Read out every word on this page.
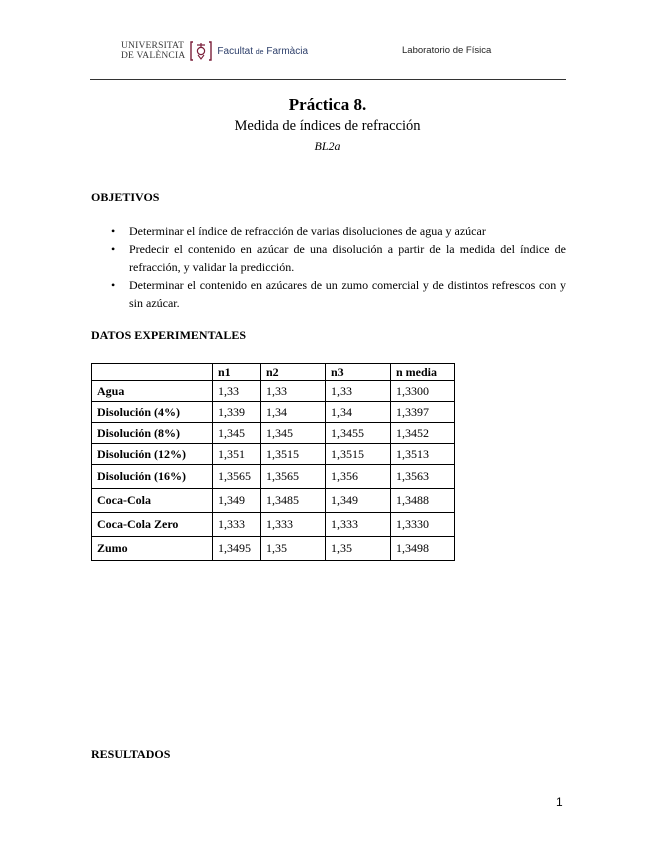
UNIVERSITAT
DE VALÈNCIA	Facultat de Farmàcia	Laboratorio de Física
Práctica 8.
Medida de índices de refracción
BL2a
OBJETIVOS
• Determinar el índice de refracción de varias disoluciones de agua y azúcar
• Predecir el contenido en azúcar de una disolución a partir de la medida del índice de refracción, y validar la predicción.
• Determinar el contenido en azúcares de un zumo comercial y de distintos refrescos con y sin azúcar.
DATOS EXPERIMENTALES
	n1	n2	n3	n media
Agua	1,33	1,33	1,33	1,3300
Disolución (4%)	1,339	1,34	1,34	1,3397
Disolución (8%)	1,345	1,345	1,3455	1,3452
Disolución (12%)	1,351	1,3515	1,3515	1,3513
Disolución (16%)	1,3565	1,3565	1,356	1,3563
Coca-Cola	1,349	1,3485	1,349	1,3488
Coca-Cola Zero	1,333	1,333	1,333	1,3330
Zumo	1,3495	1,35	1,35	1,3498
RESULTADOS
1
